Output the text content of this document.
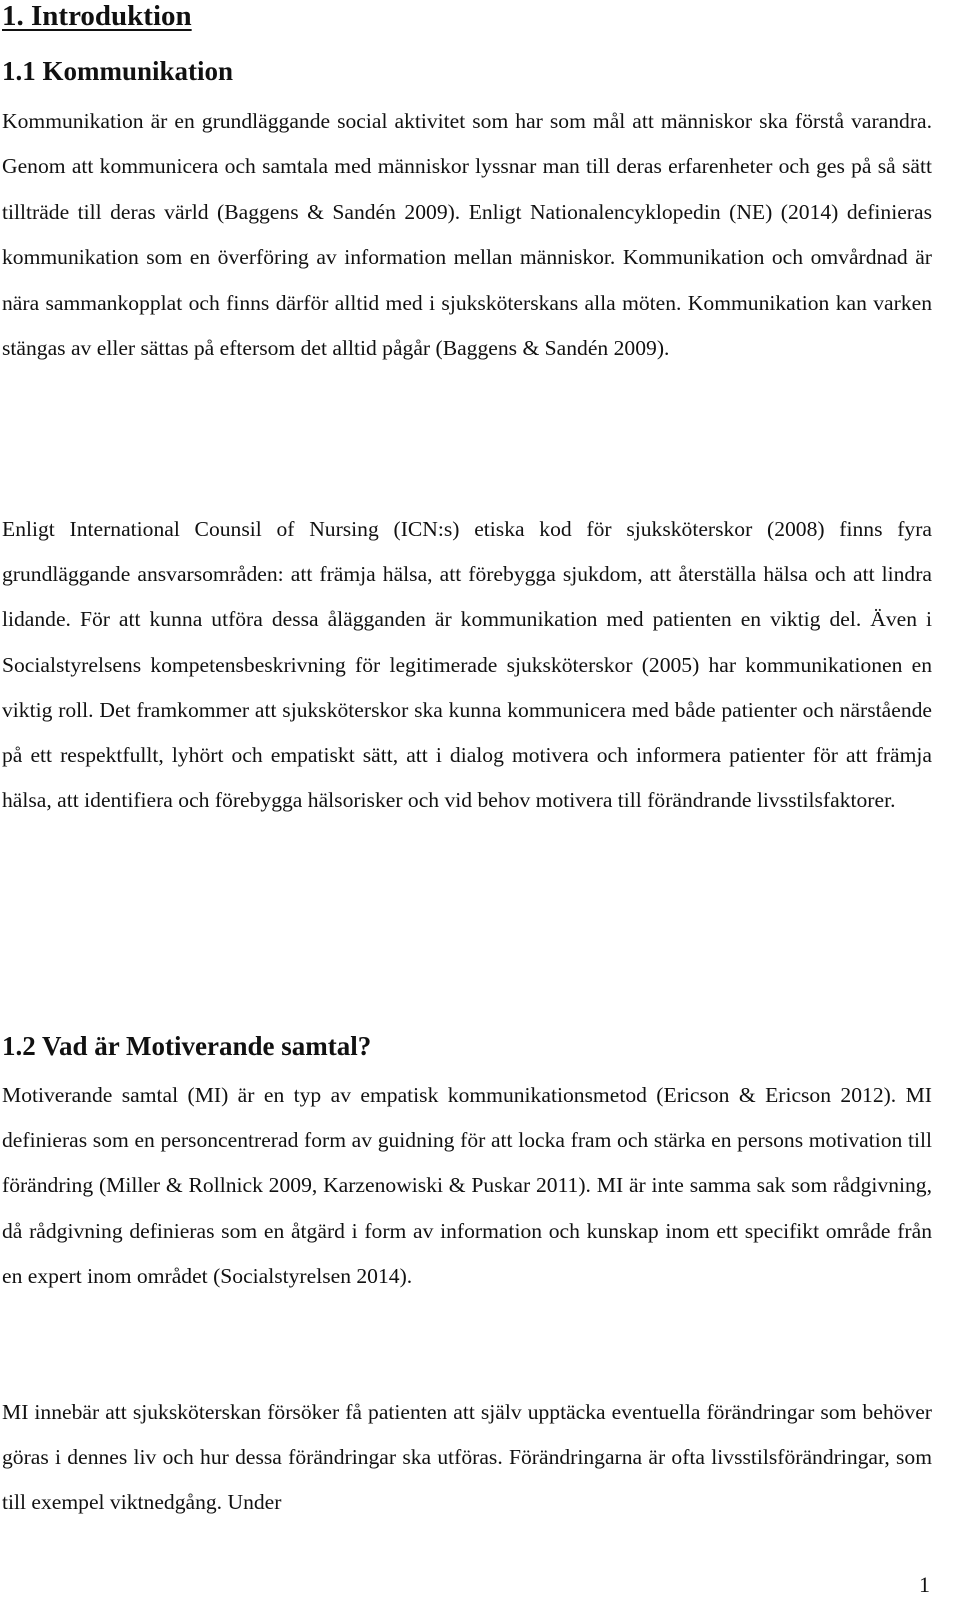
1. Introduktion
1.1 Kommunikation

Kommunikation är en grundläggande social aktivitet som har som mål att människor ska förstå varandra. Genom att kommunicera och samtala med människor lyssnar man till deras erfarenheter och ges på så sätt tillträde till deras värld (Baggens & Sandén 2009). Enligt Nationalencyklopedin (NE) (2014) definieras kommunikation som en överföring av information mellan människor. Kommunikation och omvårdnad är nära sammankopplat och finns därför alltid med i sjuksköterskans alla möten. Kommunikation kan varken stängas av eller sättas på eftersom det alltid pågår (Baggens & Sandén 2009).

Enligt International Counsil of Nursing (ICN:s) etiska kod för sjuksköterskor (2008) finns fyra grundläggande ansvarsområden: att främja hälsa, att förebygga sjukdom, att återställa hälsa och att lindra lidande. För att kunna utföra dessa ålägganden är kommunikation med patienten en viktig del. Även i Socialstyrelsens kompetensbeskrivning för legitimerade sjuksköterskor (2005) har kommunikationen en viktig roll. Det framkommer att sjuksköterskor ska kunna kommunicera med både patienter och närstående på ett respektfullt, lyhört och empatiskt sätt, att i dialog motivera och informera patienter för att främja hälsa, att identifiera och förebygga hälsorisker och vid behov motivera till förändrande livsstilsfaktorer.

1.2 Vad är Motiverande samtal?

Motiverande samtal (MI) är en typ av empatisk kommunikationsmetod (Ericson & Ericson 2012). MI definieras som en personcentrerad form av guidning för att locka fram och stärka en persons motivation till förändring (Miller & Rollnick 2009, Karzenowiski & Puskar 2011). MI är inte samma sak som rådgivning, då rådgivning definieras som en åtgärd i form av information och kunskap inom ett specifikt område från en expert inom området (Socialstyrelsen 2014).

MI innebär att sjuksköterskan försöker få patienten att själv upptäcka eventuella förändringar som behöver göras i dennes liv och hur dessa förändringar ska utföras. Förändringarna är ofta livsstilsförändringar, som till exempel viktnedgång. Under

1
